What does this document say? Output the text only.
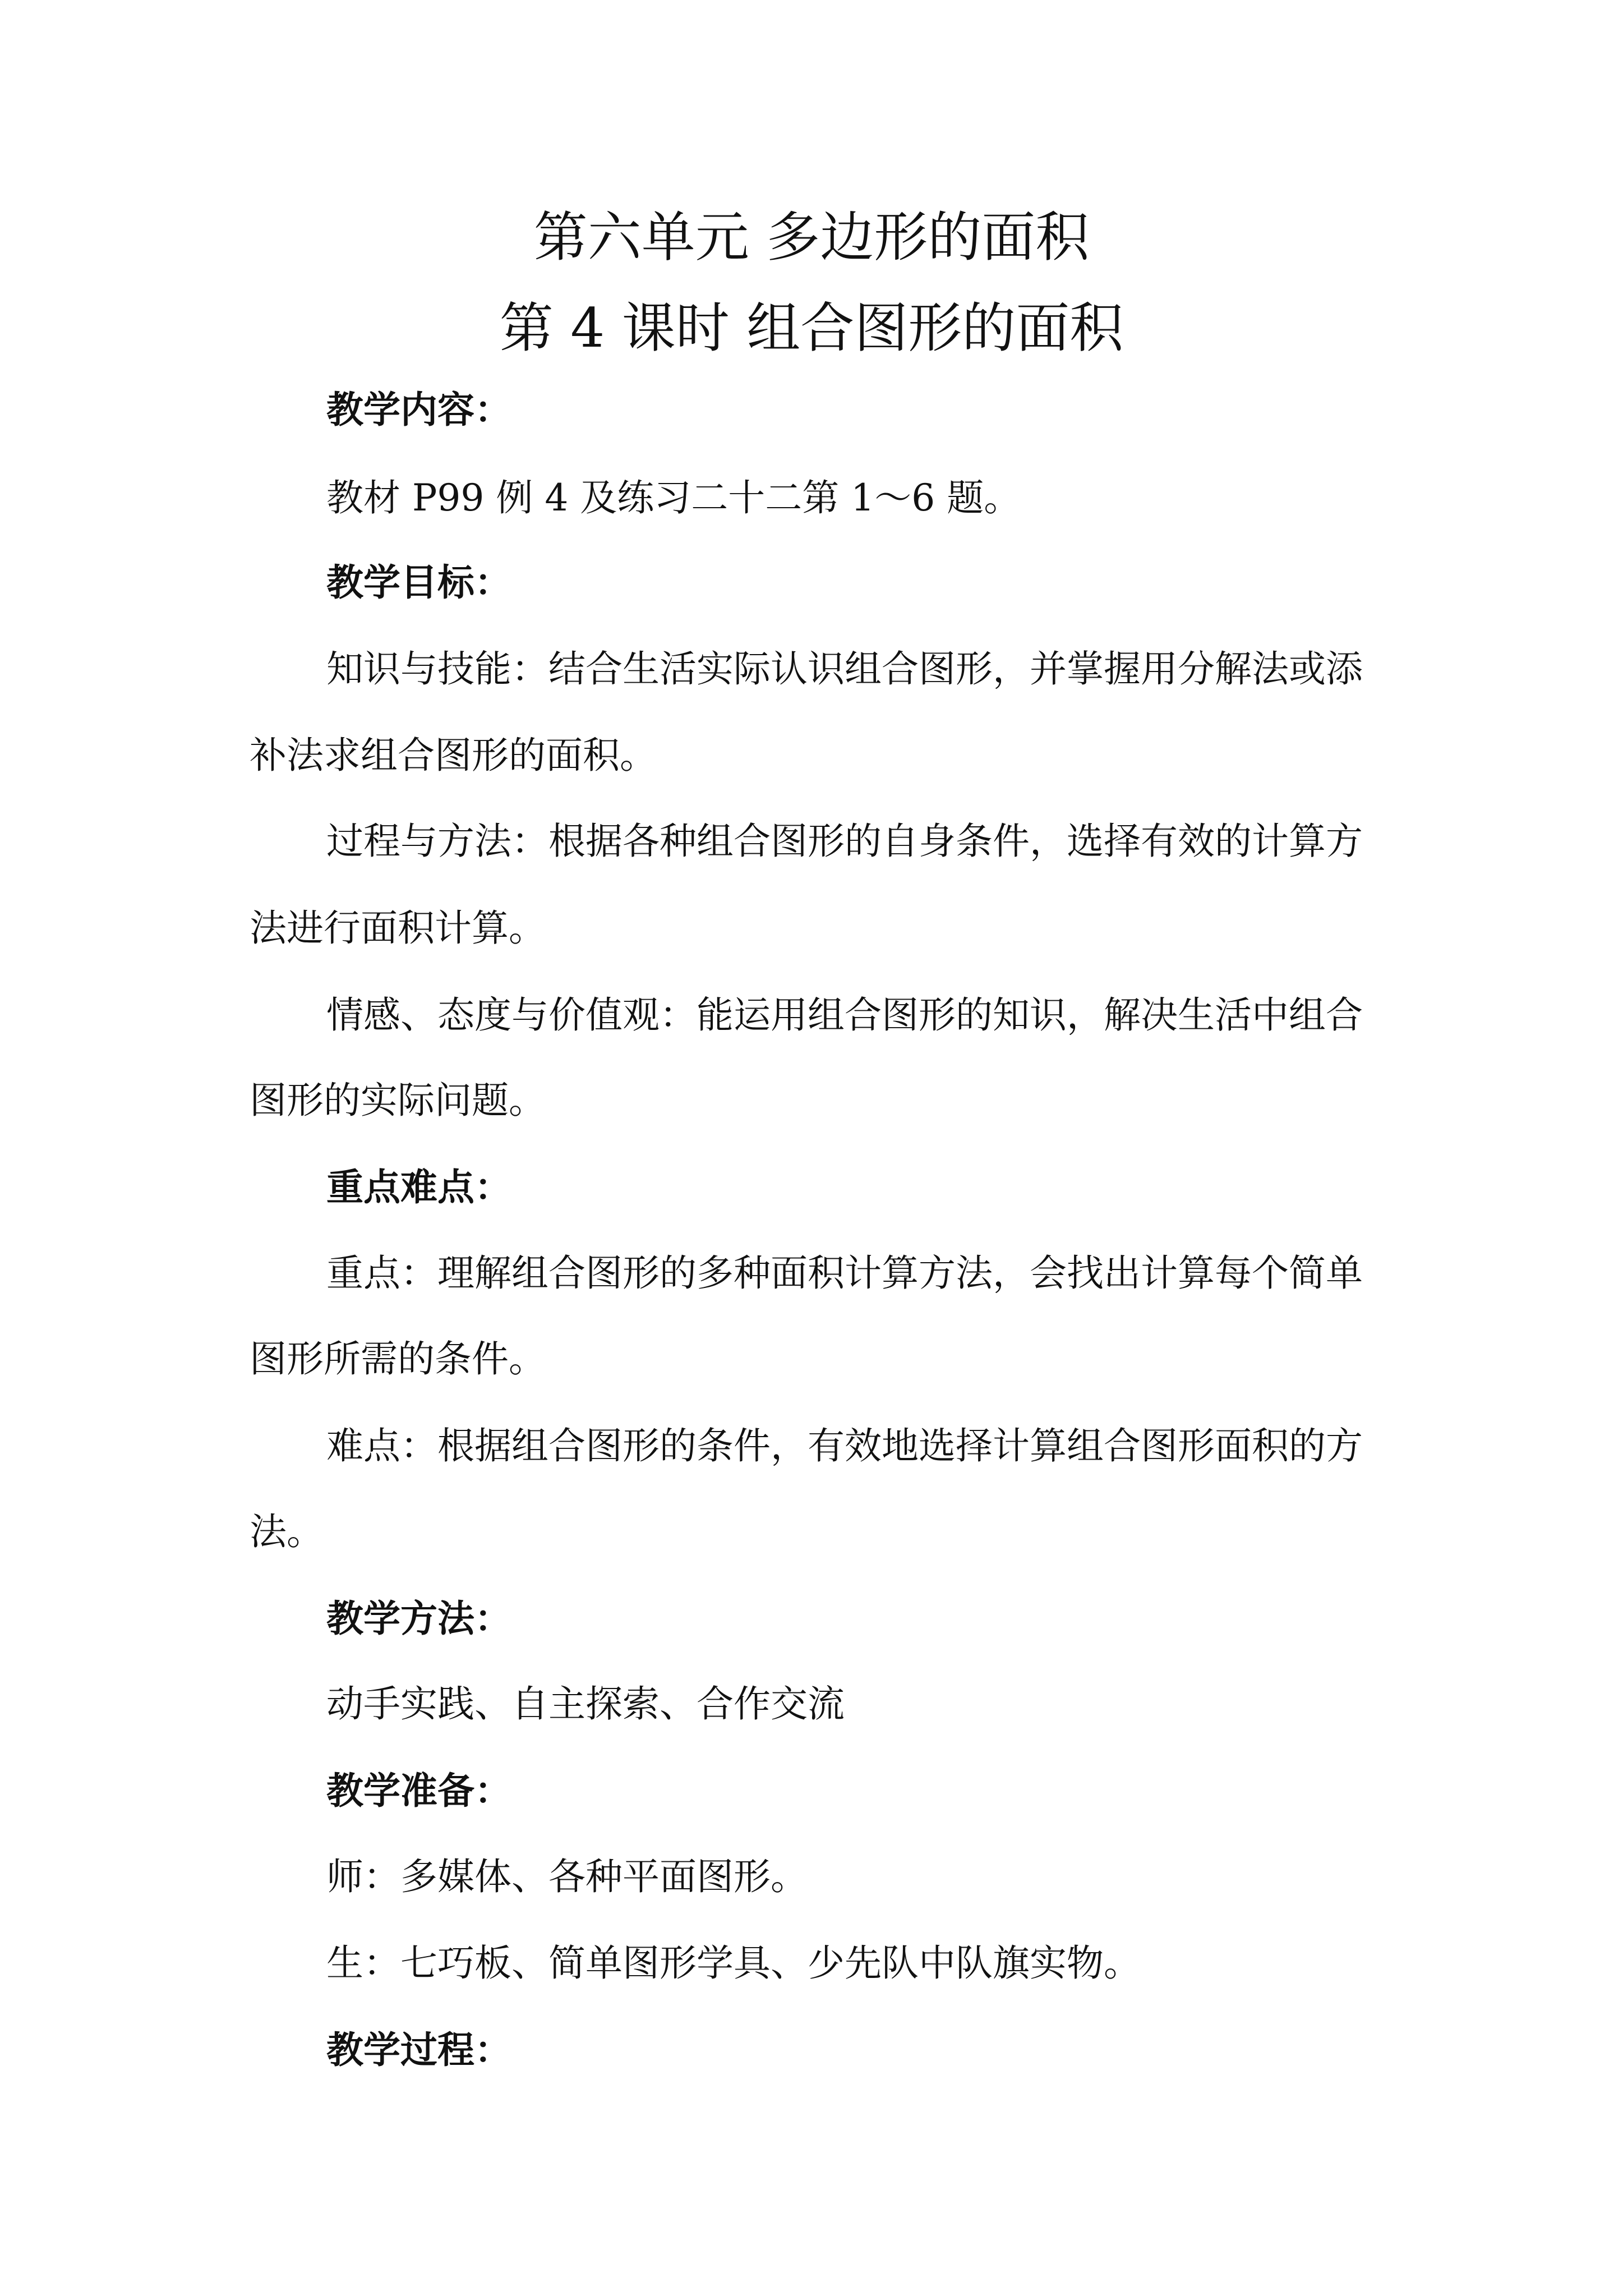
第六单元 多边形的面积
第 4 课时 组合图形的面积
教学内容：
教材 P99 例 4 及练习二十二第 1～6 题。
教学目标：
知识与技能：结合生活实际认识组合图形，并掌握用分解法或添
补法求组合图形的面积。
过程与方法：根据各种组合图形的自身条件，选择有效的计算方
法进行面积计算。
情感、态度与价值观：能运用组合图形的知识，解决生活中组合
图形的实际问题。
重点难点：
重点：理解组合图形的多种面积计算方法，会找出计算每个简单
图形所需的条件。
难点：根据组合图形的条件，有效地选择计算组合图形面积的方
法。
教学方法：
动手实践、自主探索、合作交流
教学准备：
师：多媒体、各种平面图形。
生：七巧板、简单图形学具、少先队中队旗实物。
教学过程：
